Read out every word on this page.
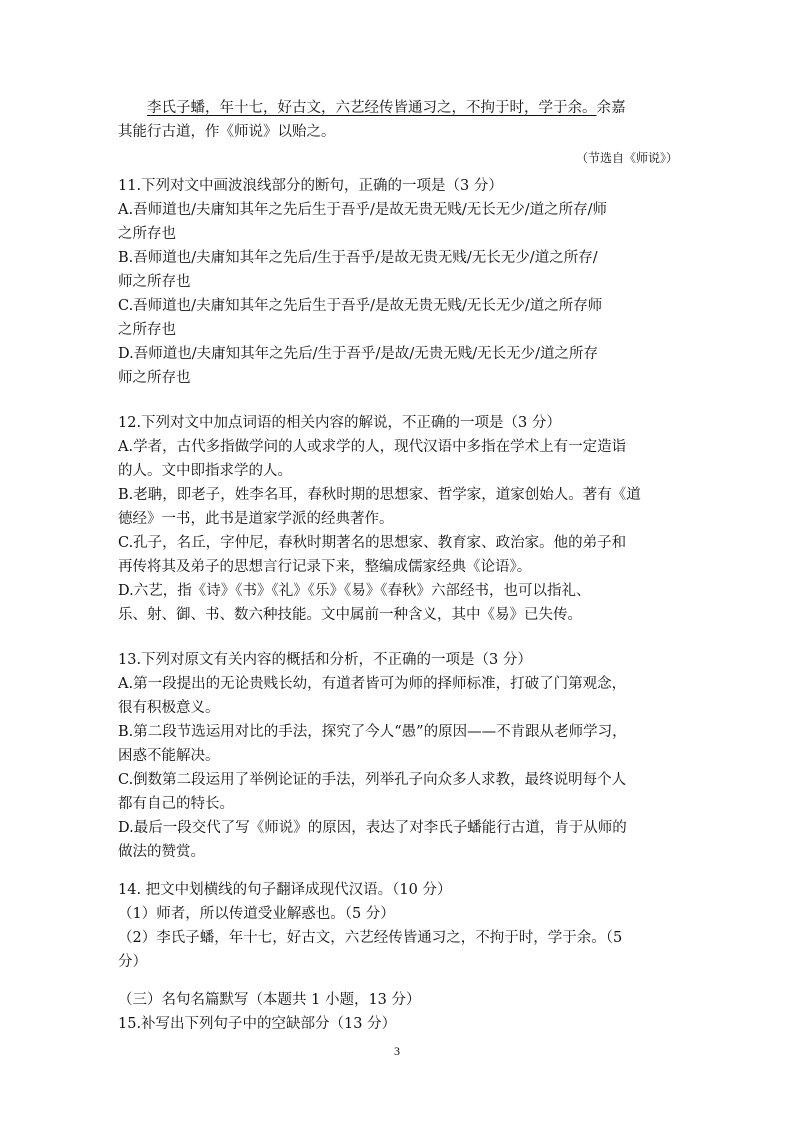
李氏子蟠，年十七，好古文，六艺经传皆通习之，不拘于时，学于余。余嘉

其能行古道，作《师说》以贻之。

（节选自《师说》）

11.下列对文中画波浪线部分的断句，正确的一项是（3 分）

A.吾师道也/夫庸知其年之先后生于吾乎/是故无贵无贱/无长无少/道之所存/师
之所存也

B.吾师道也/夫庸知其年之先后/生于吾乎/是故无贵无贱/无长无少/道之所存/
师之所存也

C.吾师道也/夫庸知其年之先后生于吾乎/是故无贵无贱/无长无少/道之所存师
之所存也

D.吾师道也/夫庸知其年之先后/生于吾乎/是故/无贵无贱/无长无少/道之所存
师之所存也

12.下列对文中加点词语的相关内容的解说，不正确的一项是（3 分）

A.学者，古代多指做学问的人或求学的人，现代汉语中多指在学术上有一定造诣
的人。文中即指求学的人。

B.老聃，即老子，姓李名耳，春秋时期的思想家、哲学家，道家创始人。著有《道
德经》一书，此书是道家学派的经典著作。

C.孔子，名丘，字仲尼，春秋时期著名的思想家、教育家、政治家。他的弟子和
再传将其及弟子的思想言行记录下来，整编成儒家经典《论语》。

D.六艺，指《诗》《书》《礼》《乐》《易》《春秋》六部经书，也可以指礼、
乐、射、御、书、数六种技能。文中属前一种含义，其中《易》已失传。

13.下列对原文有关内容的概括和分析，不正确的一项是（3 分）

A.第一段提出的无论贵贱长幼，有道者皆可为师的择师标准，打破了门第观念，
很有积极意义。

B.第二段节选运用对比的手法，探究了今人“愚”的原因——不肯跟从老师学习，
困惑不能解决。

C.倒数第二段运用了举例论证的手法，列举孔子向众多人求教，最终说明每个人
都有自己的特长。

D.最后一段交代了写《师说》的原因，表达了对李氏子蟠能行古道，肯于从师的
做法的赞赏。

14. 把文中划横线的句子翻译成现代汉语。（10 分）

（1）师者，所以传道受业解惑也。（5 分）

（2）李氏子蟠，年十七，好古文，六艺经传皆通习之，不拘于时，学于余。（5
分）

（三）名句名篇默写（本题共 1 小题，13 分）

15.补写出下列句子中的空缺部分（13 分）

3
